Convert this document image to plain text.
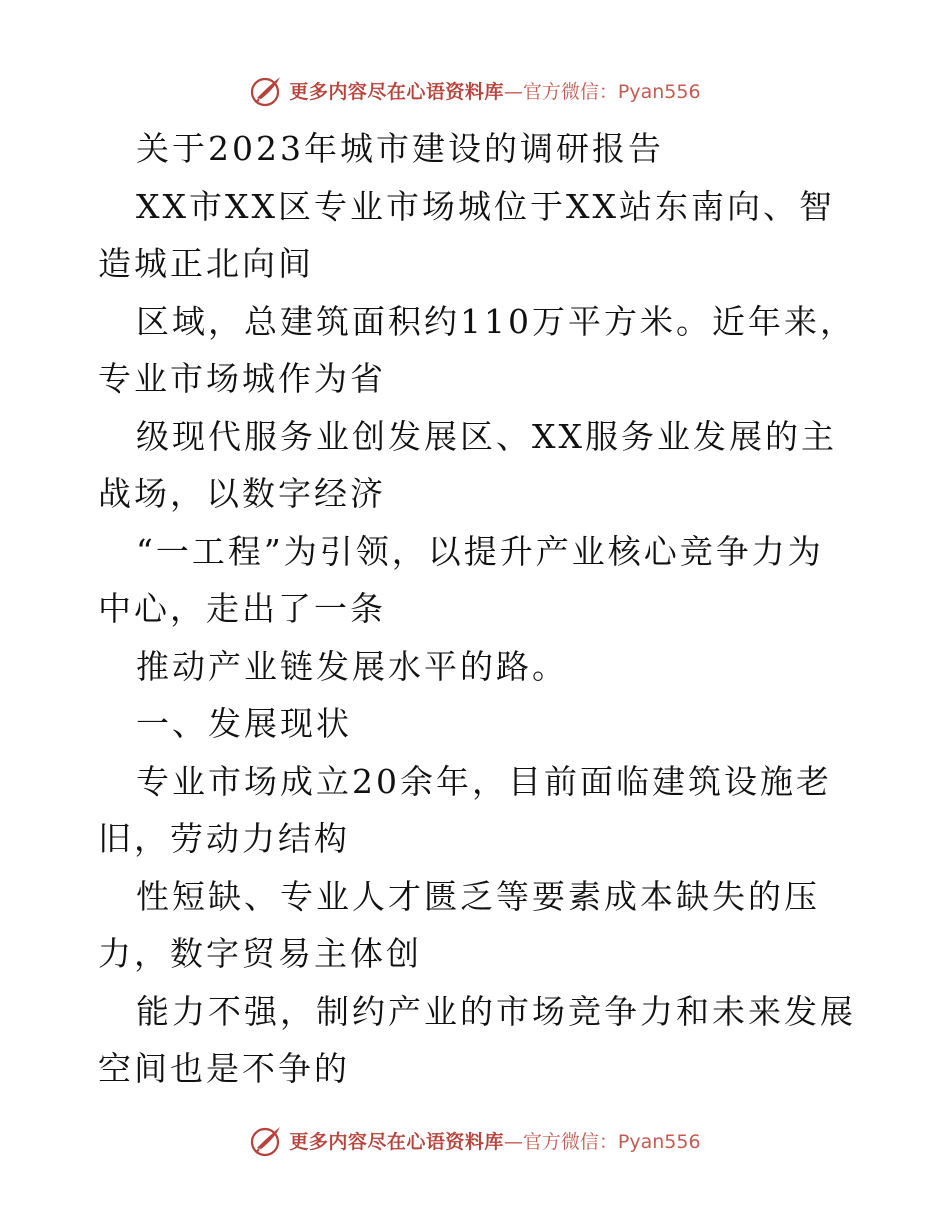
更多内容尽在心语资料库 —官方微信：Pyan556

关于2023年城市建设的调研报告

XX市XX区专业市场城位于XX站东南向、智造城正北向间

区域，总建筑面积约110万平方米。近年来，专业市场城作为省

级现代服务业创发展区、XX服务业发展的主战场，以数字经济

“一工程”为引领，以提升产业核心竞争力为中心，走出了一条

推动产业链发展水平的路。

一、发展现状

专业市场成立20余年，目前面临建筑设施老旧，劳动力结构

性短缺、专业人才匮乏等要素成本缺失的压力，数字贸易主体创

能力不强，制约产业的市场竞争力和未来发展空间也是不争的

更多内容尽在心语资料库 —官方微信：Pyan556
